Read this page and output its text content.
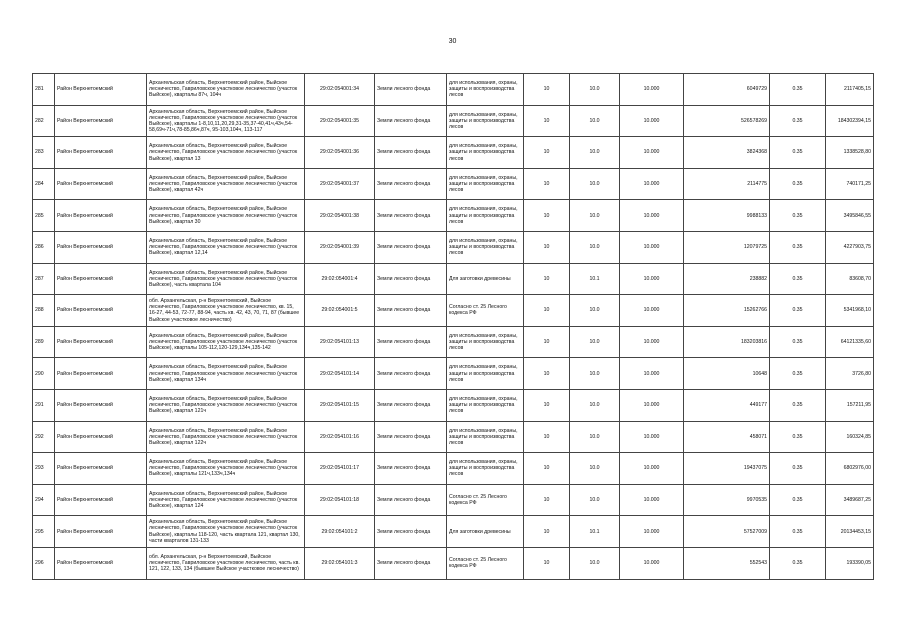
30
281	Район Верхнетоемский	Архангельская область, Верхнетоемский район, Выйское лесничество, Гавриловское участковое лесничество (участок Выйское), кварталы 87ч, 104ч	29:02:054001:34	Земли лесного фонда	для использования, охраны, защиты и воспроизводства лесов	10	10.0	10.000	6049729	0.35	2117405,15
282	Район Верхнетоемский	Архангельская область, Верхнетоемский район, Выйское лесничество, Гавриловское участковое лесничество (участок Выйское), кварталы 1-8,10,11,20,29,31-35,37-40,41ч,43ч,54-58,69ч-71ч,78-85,86ч,87ч, 95-103,104ч, 113-117	29:02:054001:35	Земли лесного фонда	для использования, охраны, защиты и воспроизводства лесов	10	10.0	10.000	526578269	0.35	184302394,15
283	Район Верхнетоемский	Архангельская область, Верхнетоемский район, Выйское лесничество, Гавриловское участковое лесничество (участок Выйское), квартал 13	29:02:054001:36	Земли лесного фонда	для использования, охраны, защиты и воспроизводства лесов	10	10.0	10.000	3824368	0.35	1338528,80
284	Район Верхнетоемский	Архангельская область, Верхнетоемский район, Выйское лесничество, Гавриловское участковое лесничество (участок Выйское), квартал 42ч	29:02:054001:37	Земли лесного фонда	для использования, охраны, защиты и воспроизводства лесов	10	10.0	10.000	2114775	0.35	740171,25
285	Район Верхнетоемский	Архангельская область, Верхнетоемский район, Выйское лесничество, Гавриловское участковое лесничество (участок Выйское), квартал 30	29:02:054001:38	Земли лесного фонда	для использования, охраны, защиты и воспроизводства лесов	10	10.0	10.000	9988133	0.35	3495846,55
286	Район Верхнетоемский	Архангельская область, Верхнетоемский район, Выйское лесничество, Гавриловское участковое лесничество (участок Выйское), квартал 12,14	29:02:054001:39	Земли лесного фонда	для использования, охраны, защиты и воспроизводства лесов	10	10.0	10.000	12079725	0.35	4227903,75
287	Район Верхнетоемский	Архангельская область, Верхнетоемский район, Выйское лесничество, Гавриловское участковое лесничество (участок Выйское), часть квартала 104	29:02:054001:4	Земли лесного фонда	Для заготовки древесины	10	10.1	10.000	238882	0.35	83608,70
288	Район Верхнетоемский	обл. Архангельская, р-н Верхнетоемский, Выйское лесничество, Гавриловское участковое лесничество, кв. 15, 16-27, 44-53, 72-77, 88-94, часть кв. 42, 43, 70, 71, 87 (бывшее Выйское участковое лесничество)	29:02:054001:5	Земли лесного фонда	Согласно ст. 25 Лесного кодекса РФ	10	10.0	10.000	15262766	0.35	5341968,10
289	Район Верхнетоемский	Архангельская область, Верхнетоемский район, Выйское лесничество, Гавриловское участковое лесничество (участок Выйское), кварталы 105-112,120-129,134ч,135-142	29:02:054101:13	Земли лесного фонда	для использования, охраны, защиты и воспроизводства лесов	10	10.0	10.000	183203816	0.35	64121335,60
290	Район Верхнетоемский	Архангельская область, Верхнетоемский район, Выйское лесничество, Гавриловское участковое лесничество (участок Выйское), квартал 134ч	29:02:054101:14	Земли лесного фонда	для использования, охраны, защиты и воспроизводства лесов	10	10.0	10.000	10648	0.35	3726,80
291	Район Верхнетоемский	Архангельская область, Верхнетоемский район, Выйское лесничество, Гавриловское участковое лесничество (участок Выйское), квартал 121ч	29:02:054101:15	Земли лесного фонда	для использования, охраны, защиты и воспроизводства лесов	10	10.0	10.000	449177	0.35	157211,95
292	Район Верхнетоемский	Архангельская область, Верхнетоемский район, Выйское лесничество, Гавриловское участковое лесничество (участок Выйское), квартал 122ч	29:02:054101:16	Земли лесного фонда	для использования, охраны, защиты и воспроизводства лесов	10	10.0	10.000	458071	0.35	160324,85
293	Район Верхнетоемский	Архангельская область, Верхнетоемский район, Выйское лесничество, Гавриловское участковое лесничество (участок Выйское), кварталы 121ч,133ч,134ч	29:02:054101:17	Земли лесного фонда	для использования, охраны, защиты и воспроизводства лесов	10	10.0	10.000	19437075	0.35	6802976,00
294	Район Верхнетоемский	Архангельская область, Верхнетоемский район, Выйское лесничество, Гавриловское участковое лесничество (участок Выйское), квартал 124	29:02:054101:18	Земли лесного фонда	Согласно ст. 25 Лесного кодекса РФ	10	10.0	10.000	9970535	0.35	3489687,25
295	Район Верхнетоемский	Архангельская область, Верхнетоемский район, Выйское лесничество, Гавриловское участковое лесничество (участок Выйское), кварталы 118-120, часть квартала 121, квартал 130, части кварталов 131-133	29:02:054101:2	Земли лесного фонда	Для заготовки древесины	10	10.1	10.000	57527009	0.35	20134453,15
296	Район Верхнетоемский	обл. Архангельская, р-н Верхнетоемский, Выйское лесничество, Гавриловское участковое лесничество, часть кв. 121, 122, 133, 134 (бывшее Выйское участковое лесничество)	29:02:054101:3	Земли лесного фонда	Согласно ст. 25 Лесного кодекса РФ	10	10.0	10.000	552543	0.35	193390,05
